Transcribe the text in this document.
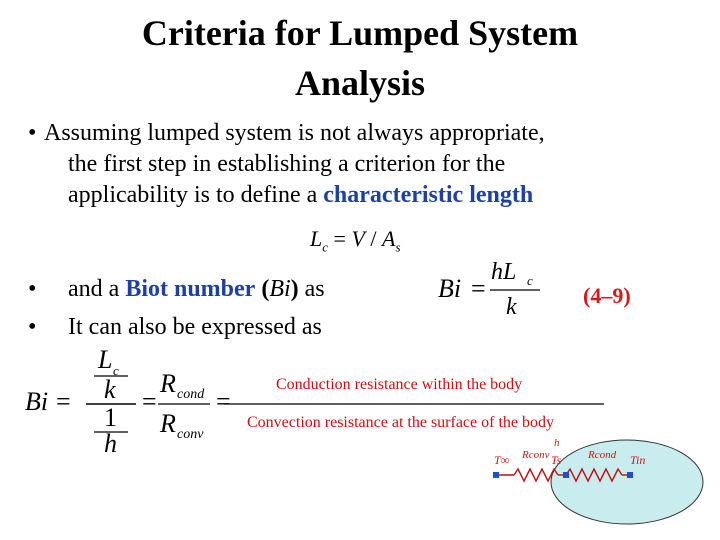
Criteria for Lumped System
Analysis
• Assuming lumped system is not always appropriate,
the first step in establishing a criterion for the
applicability is to define a characteristic length
$L_c = V / A_s$
• and a Biot number (Bi) as
• It can also be expressed as
Bi =
hL c
k	(4–9)
Bi =
L c
k
1
h
=
R cond
R conv
=
Conduction resistance within the body
Convection resistance at the surface of the body
T∞ Rconv Ts
h
Rcond Tin
